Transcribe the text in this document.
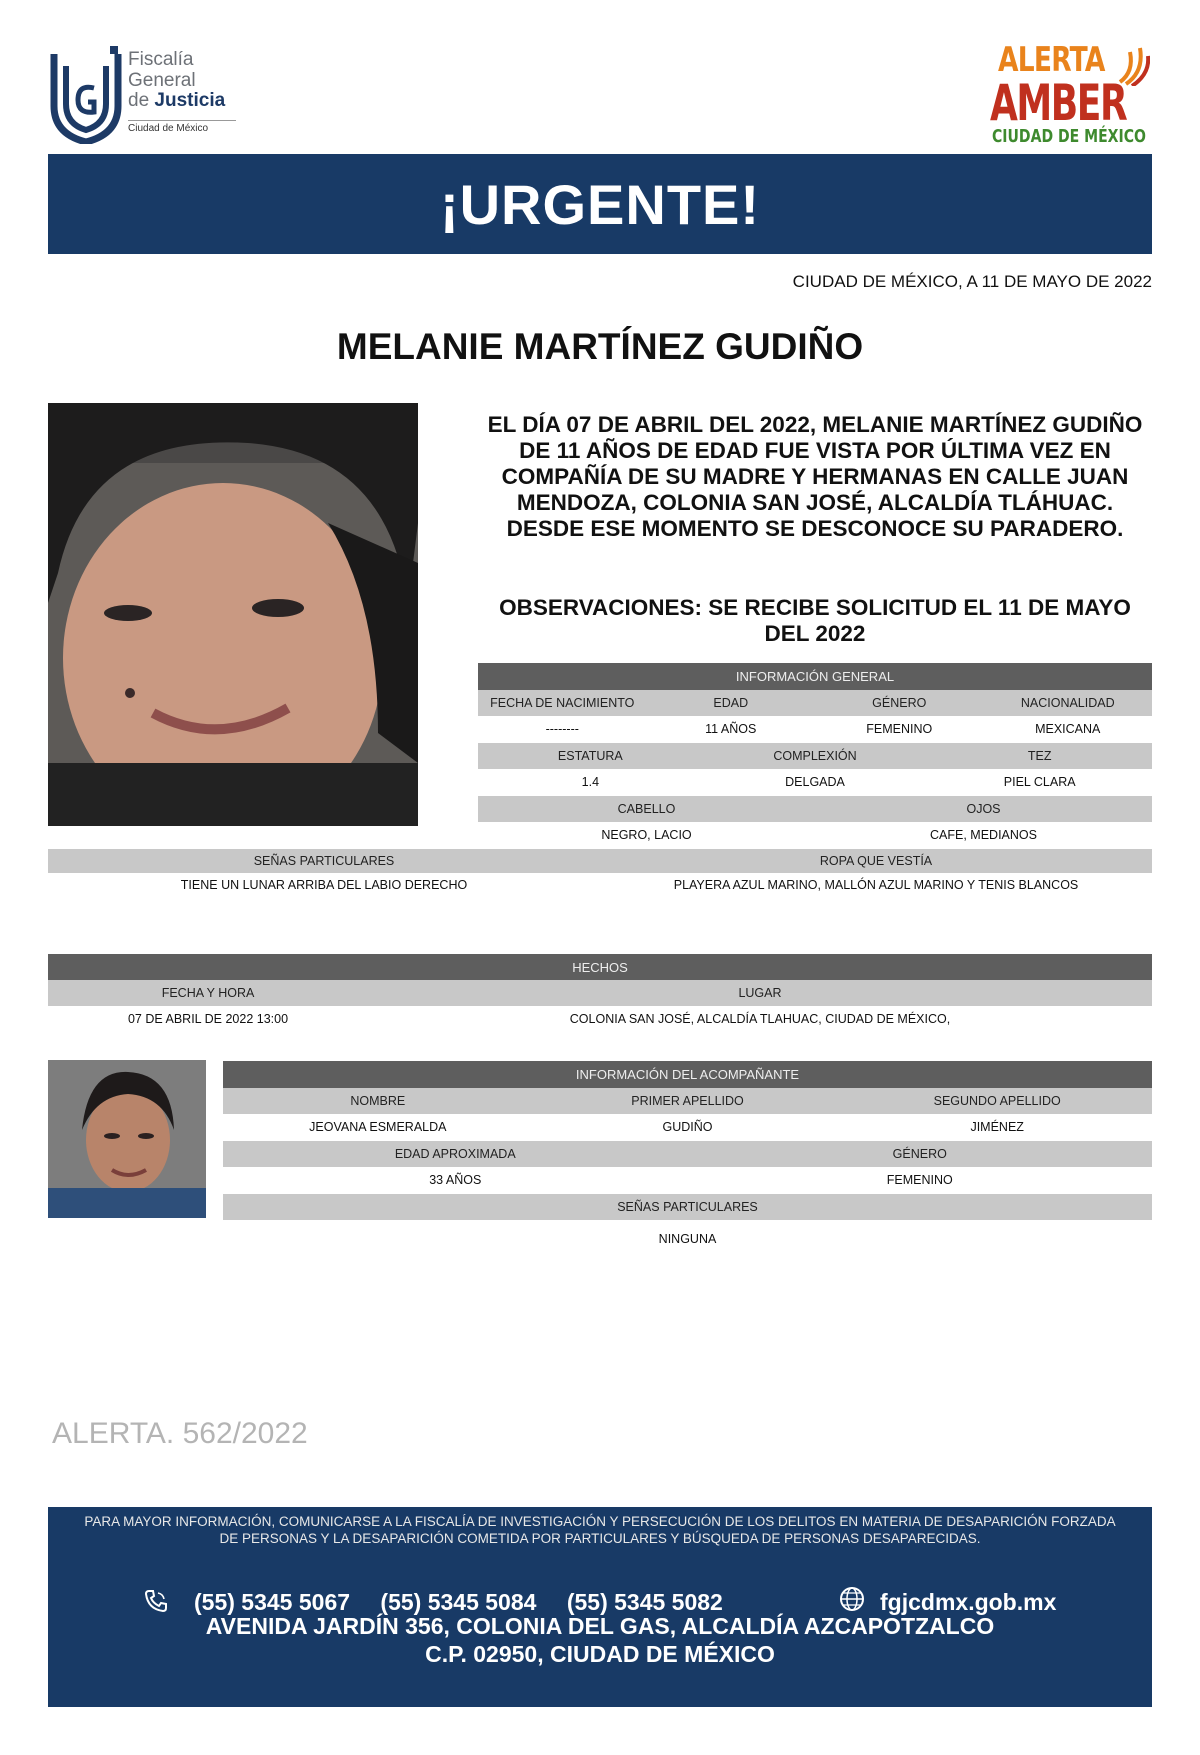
Fiscalía
General
de Justicia
Ciudad de México
ALERTA
AMBER
CIUDAD DE MÉXICO
¡URGENTE!
CIUDAD DE MÉXICO, A 11 DE MAYO DE 2022
MELANIE MARTÍNEZ GUDIÑO
EL DÍA 07 DE ABRIL DEL 2022, MELANIE MARTÍNEZ GUDIÑO DE 11 AÑOS DE EDAD FUE VISTA POR ÚLTIMA VEZ EN COMPAÑÍA DE SU MADRE Y HERMANAS EN CALLE JUAN MENDOZA, COLONIA SAN JOSÉ, ALCALDÍA TLÁHUAC. DESDE ESE MOMENTO SE DESCONOCE SU PARADERO.
OBSERVACIONES: SE RECIBE SOLICITUD EL 11 DE MAYO DEL 2022
INFORMACIÓN GENERAL
FECHA DE NACIMIENTO	EDAD	GÉNERO	NACIONALIDAD
--------	11 AÑOS	FEMENINO	MEXICANA
ESTATURA	COMPLEXIÓN	TEZ
1.4	DELGADA	PIEL CLARA
CABELLO	OJOS
NEGRO, LACIO	CAFE, MEDIANOS
SEÑAS PARTICULARES	ROPA QUE VESTÍA
TIENE UN LUNAR ARRIBA DEL LABIO DERECHO	PLAYERA AZUL MARINO, MALLÓN AZUL MARINO Y TENIS BLANCOS
HECHOS
FECHA Y HORA	LUGAR
07 DE ABRIL DE 2022 13:00	COLONIA SAN JOSÉ, ALCALDÍA TLAHUAC, CIUDAD DE MÉXICO,
INFORMACIÓN DEL ACOMPAÑANTE
NOMBRE	PRIMER APELLIDO	SEGUNDO APELLIDO
JEOVANA ESMERALDA	GUDIÑO	JIMÉNEZ
EDAD APROXIMADA	GÉNERO
33 AÑOS	FEMENINO
SEÑAS PARTICULARES
NINGUNA
ALERTA. 562/2022
PARA MAYOR INFORMACIÓN, COMUNICARSE A LA FISCALÍA DE INVESTIGACIÓN Y PERSECUCIÓN DE LOS DELITOS EN MATERIA DE DESAPARICIÓN FORZADA DE PERSONAS Y LA DESAPARICIÓN COMETIDA POR PARTICULARES Y BÚSQUEDA DE PERSONAS DESAPARECIDAS.
(55) 5345 5067 (55) 5345 5084 (55) 5345 5082	fgjcdmx.gob.mx
AVENIDA JARDÍN 356, COLONIA DEL GAS, ALCALDÍA AZCAPOTZALCO
C.P. 02950, CIUDAD DE MÉXICO
